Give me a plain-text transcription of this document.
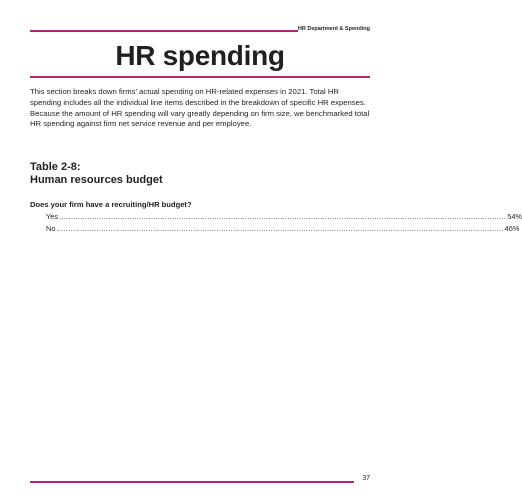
HR Department & Spending
HR spending

This section breaks down firms' actual spending on HR-related expenses in 2021. Total HR spending includes all the individual line items described in the breakdown of specific HR expenses. Because the amount of HR spending will vary greatly depending on firm size, we benchmarked total HR spending against firm net service revenue and per employee.

Table 2-8:
Human resources budget
Does your firm have a recruiting/HR budget?
Yes .............................................................................................................................................................................................. 54%
No .............................................................................................................................................................................................. 46%
37
